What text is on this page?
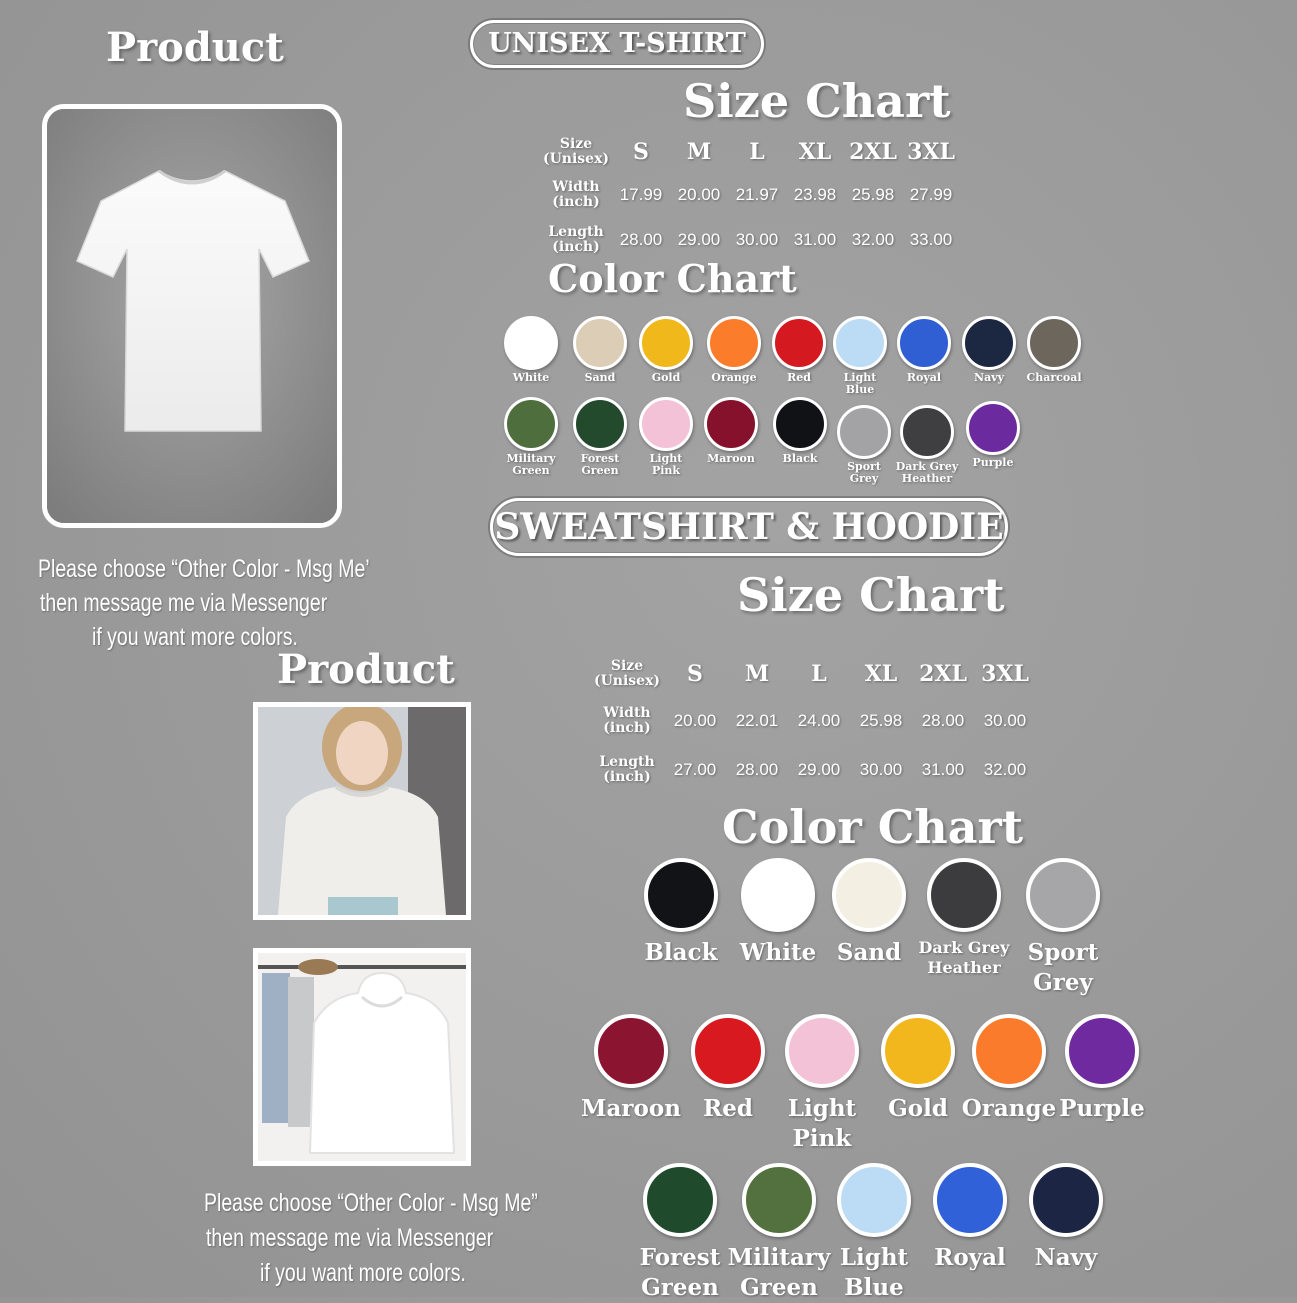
Product
Please choose “Other Color - Msg Me’
then message me via Messenger
if you want more colors.
UNISEX T-SHIRT
Size Chart
Size (Unisex)	S	M	L	XL	2XL	3XL
Width (inch)	17.99	20.00	21.97	23.98	25.98	27.99
Length (inch)	28.00	29.00	30.00	31.00	32.00	33.00
Color Chart
White	Sand	Gold	Orange	Red	Light
Blue
Royal	Navy	Charcoal
Military
Green
Forest
Green
Light
Pink
Maroon	Black
Sport
Grey
Dark Grey
Heather
Purple
SWEATSHIRT & HOODIE
Size Chart
Product
Please choose “Other Color - Msg Me”
then message me via Messenger
if you want more colors.
Size (Unisex)	S	M	L	XL	2XL	3XL
Width (inch)	20.00	22.01	24.00	25.98	28.00	30.00
Length (inch)	27.00	28.00	29.00	30.00	31.00	32.00
Color Chart
Black White Sand	Dark Grey
Heather
Sport
Grey
Maroon Red	Light
Pink
Gold Orange Purple
Forest
Green
Military
Green
Light
Blue
Royal	Navy
